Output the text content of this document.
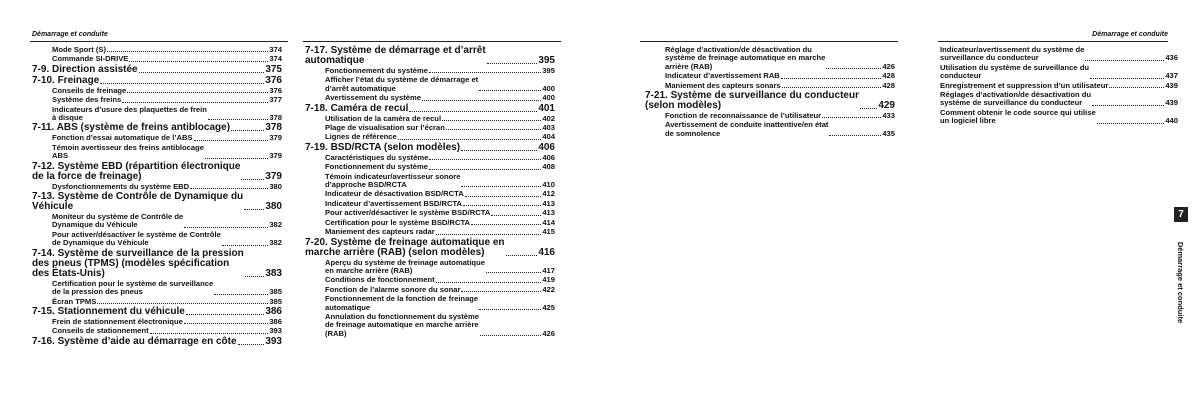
Démarrage et conduite	Démarrage et conduite
Mode Sport (S)	374
Commande SI-DRIVE	374
7-9. Direction assistée	375
7-10. Freinage	376
Conseils de freinage	376
Système des freins	377
Indicateurs d’usure des plaquettes de frein
à disque	378
7-11. ABS (système de freins antiblocage)	378
Fonction d’essai automatique de l’ABS	379
Témoin avertisseur des freins antiblocage
ABS	379
7-12. Système EBD (répartition électronique
de la force de freinage)	379
Dysfonctionnements du système EBD	380
7-13. Système de Contrôle de Dynamique du
Véhicule	380
Moniteur du système de Contrôle de
Dynamique du Véhicule	382
Pour activer/désactiver le système de Contrôle
de Dynamique du Véhicule	382
7-14. Système de surveillance de la pression
des pneus (TPMS) (modèles spécification
des États-Unis)	383
Certification pour le système de surveillance
de la pression des pneus	385
Écran TPMS	385
7-15. Stationnement du véhicule	386
Frein de stationnement électronique	386
Conseils de stationnement	393
7-16. Système d’aide au démarrage en côte	393
7-17. Système de démarrage et d’arrêt
automatique	395
Fonctionnement du système	395
Afficher l’état du système de démarrage et
d’arrêt automatique	400
Avertissement du système	400
7-18. Caméra de recul	401
Utilisation de la caméra de recul	402
Plage de visualisation sur l’écran	403
Lignes de référence	404
7-19. BSD/RCTA (selon modèles)	406
Caractéristiques du système	406
Fonctionnement du système	408
Témoin indicateur/avertisseur sonore
d’approche BSD/RCTA	410
Indicateur de désactivation BSD/RCTA	412
Indicateur d’avertissement BSD/RCTA	413
Pour activer/désactiver le système BSD/RCTA	413
Certification pour le système BSD/RCTA	414
Maniement des capteurs radar	415
7-20. Système de freinage automatique en
marche arrière (RAB) (selon modèles)	416
Aperçu du système de freinage automatique
en marche arrière (RAB)	417
Conditions de fonctionnement	419
Fonction de l’alarme sonore du sonar	422
Fonctionnement de la fonction de freinage
automatique	425
Annulation du fonctionnement du système
de freinage automatique en marche arrière
(RAB)	426
Réglage d’activation/de désactivation du
système de freinage automatique en marche
arrière (RAB)	426
Indicateur d’avertissement RAB	428
Maniement des capteurs sonars	428
7-21. Système de surveillance du conducteur
(selon modèles)	429
Fonction de reconnaissance de l’utilisateur	433
Avertissement de conduite inattentive/en état
de somnolence	435
Indicateur/avertissement du système de
surveillance du conducteur	436
Utilisation du système de surveillance du
conducteur	437
Enregistrement et suppression d’un utilisateur	439
Réglages d’activation/de désactivation du
système de surveillance du conducteur	439
Comment obtenir le code source qui utilise
un logiciel libre	440
7
Démarrage et conduite
